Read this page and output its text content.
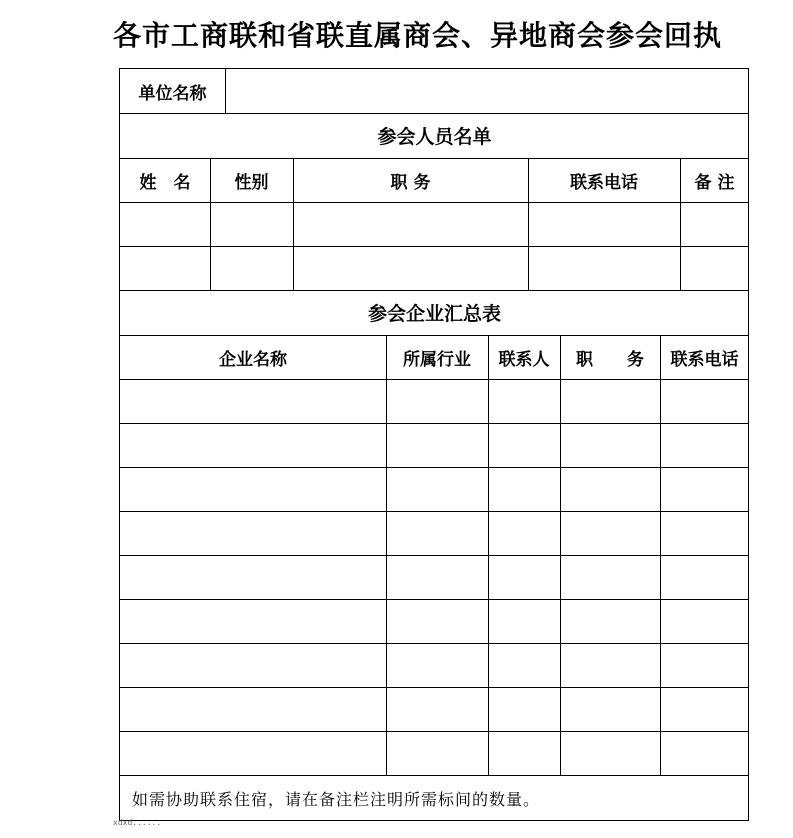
各市工商联和省联直属商会、异地商会参会回执
单位名称
参会人员名单
姓　名	性别	职 务	联系电话	备 注
参会企业汇总表
企业名称	所属行业	联系人	职　　务	联系电话
如需协助联系住宿，请在备注栏注明所需标间的数量。
xdxd......
